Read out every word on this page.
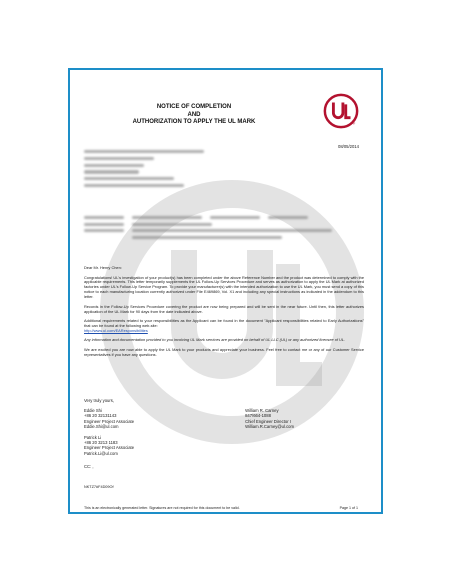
NOTICE OF COMPLETION
AND
AUTHORIZATION TO APPLY THE UL MARK	®
08/05/2014

Dear Mr. Henry Chen:

Congratulations! UL's investigation of your product(s) has been completed under the above Reference Number and the product was determined to comply with the applicable requirements. This letter temporarily supplements the UL Follow-Up Services Procedure and serves as authorization to apply the UL Mark at authorized factories under UL's Follow-Up Service Program. To provide your manufacturer(s) with the intended authorization to use the UL Mark, you must send a copy of this notice to each manufacturing location currently authorized under File E469869, Vol. X1 and including any special instructions as indicated in the addendum to this letter.

Records in the Follow-Up Services Procedure covering the product are now being prepared and will be sent in the near future. Until then, this letter authorizes application of the UL Mark for 90 days from the date indicated above.

Additional requirements related to your responsibilities as the Applicant can be found in the document "Applicant responsibilities related to Early Authorizations" that can be found at the following web-site:
http://www.ul.com/EAResponsibilities

Any information and documentation provided to you involving UL Mark services are provided on behalf of UL LLC (UL) or any authorized licensee of UL.

We are excited you are now able to apply the UL Mark to your products and appreciate your business. Feel free to contact me or any of our Customer Service representatives if you have any questions.

Very truly yours,
Eddie Shi
+86 20 32131143
Engineer Project Associate
Eddie.Shi@ul.com
William R. Carney
847/664-1088
Chief Engineer Director I
William.R.Carney@ul.com
Patrick Li
+86 20 3213 1183
Engineer Project Associate
Patrick.Li@ul.com
CC: ,
NKTZ7#F4D09Of
This is an electronically generated letter. Signatures are not required for this document to be valid.	Page 1 of 1
